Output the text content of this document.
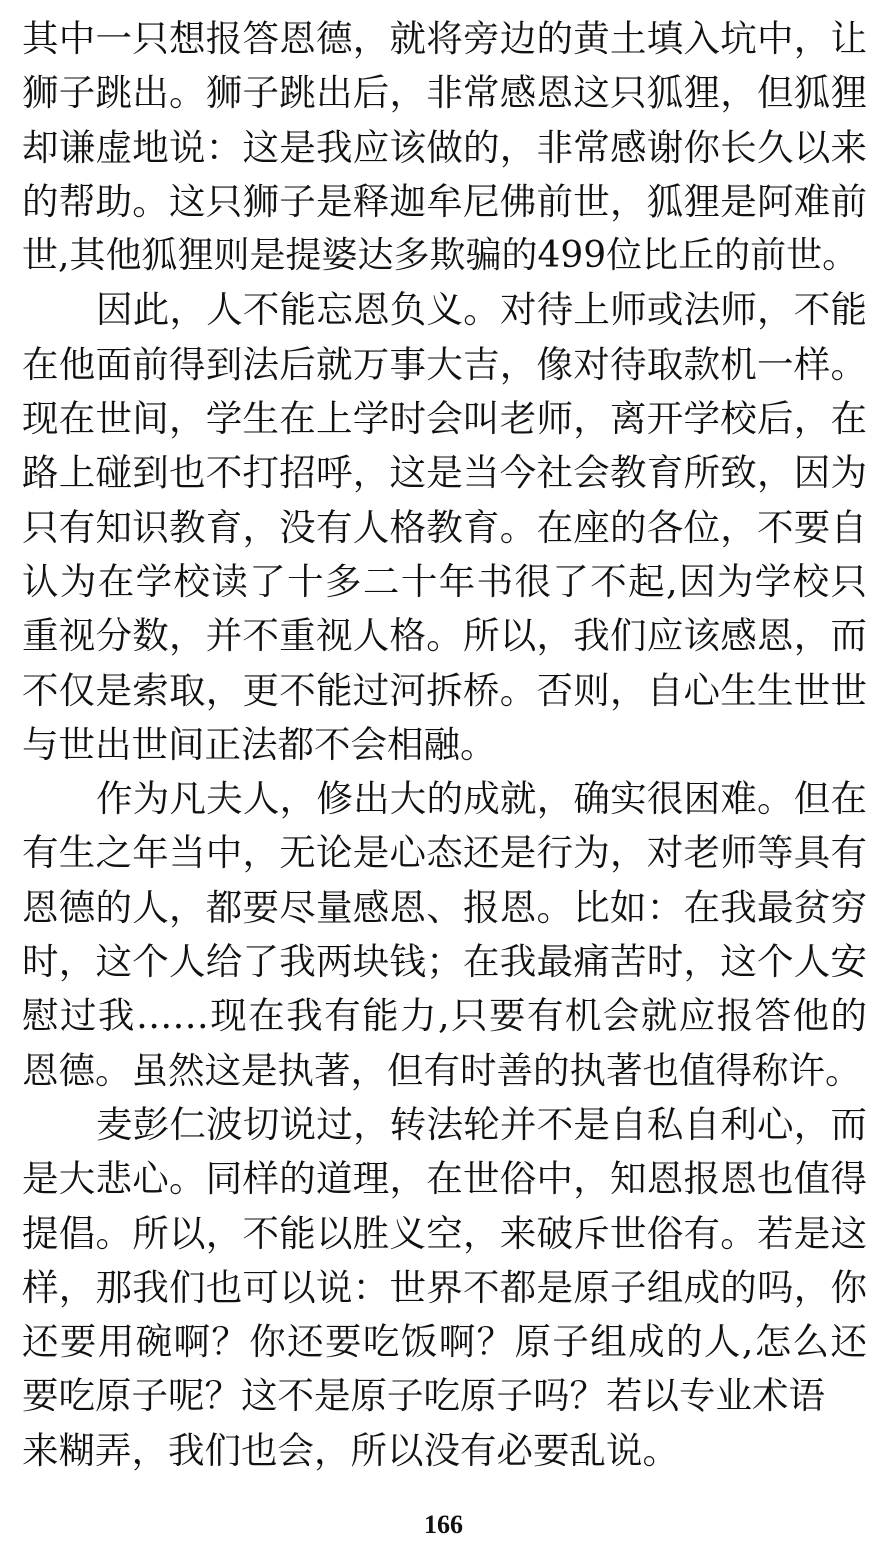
其中一只想报答恩德，就将旁边的黄土填入坑中，让
狮子跳出。狮子跳出后，非常感恩这只狐狸，但狐狸
却谦虚地说：这是我应该做的，非常感谢你长久以来
的帮助。这只狮子是释迦牟尼佛前世，狐狸是阿难前
世,其他狐狸则是提婆达多欺骗的499位比丘的前世。
因此，人不能忘恩负义。对待上师或法师，不能
在他面前得到法后就万事大吉，像对待取款机一样。
现在世间，学生在上学时会叫老师，离开学校后，在
路上碰到也不打招呼，这是当今社会教育所致，因为
只有知识教育，没有人格教育。在座的各位，不要自
认为在学校读了十多二十年书很了不起,因为学校只
重视分数，并不重视人格。所以，我们应该感恩，而
不仅是索取，更不能过河拆桥。否则，自心生生世世
与世出世间正法都不会相融。
作为凡夫人，修出大的成就，确实很困难。但在
有生之年当中，无论是心态还是行为，对老师等具有
恩德的人，都要尽量感恩、报恩。比如：在我最贫穷
时，这个人给了我两块钱；在我最痛苦时，这个人安
慰过我……现在我有能力,只要有机会就应报答他的
恩德。虽然这是执著，但有时善的执著也值得称许。
麦彭仁波切说过，转法轮并不是自私自利心，而
是大悲心。同样的道理，在世俗中，知恩报恩也值得
提倡。所以，不能以胜义空，来破斥世俗有。若是这
样，那我们也可以说：世界不都是原子组成的吗，你
还要用碗啊？你还要吃饭啊？原子组成的人,怎么还
要吃原子呢？这不是原子吃原子吗？若以专业术语
来糊弄，我们也会，所以没有必要乱说。
166
